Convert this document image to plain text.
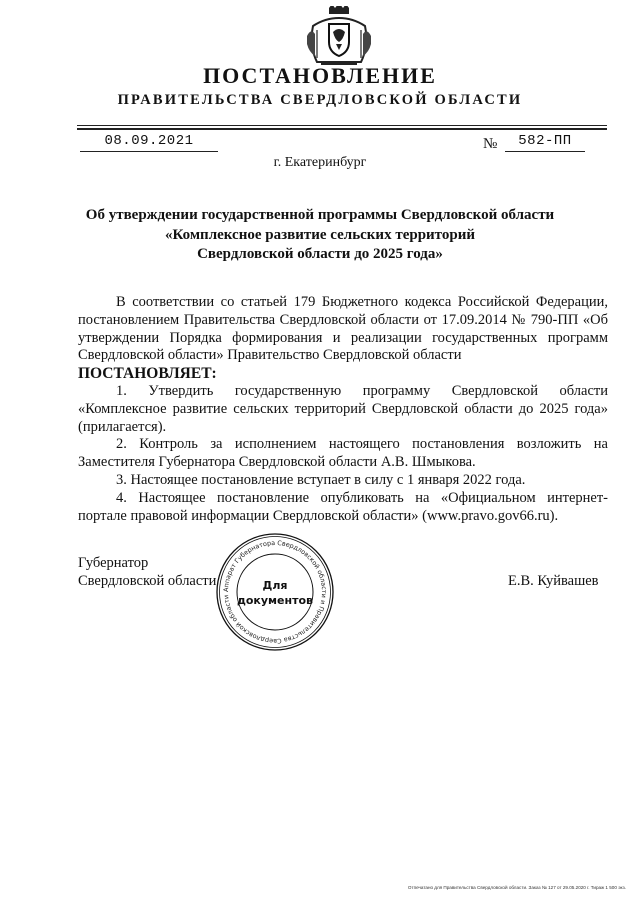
ПОСТАНОВЛЕНИЕ
ПРАВИТЕЛЬСТВА СВЕРДЛОВСКОЙ ОБЛАСТИ
08.09.2021	№	582-ПП
г. Екатеринбург
Об утверждении государственной программы Свердловской области
«Комплексное развитие сельских территорий
Свердловской области до 2025 года»
В соответствии со статьей 179 Бюджетного кодекса Российской Федерации, постановлением Правительства Свердловской области от 17.09.2014 № 790-ПП «Об утверждении Порядка формирования и реализации государственных программ Свердловской области» Правительство Свердловской области
ПОСТАНОВЛЯЕТ:
1. Утвердить государственную программу Свердловской области «Комплексное развитие сельских территорий Свердловской области до 2025 года» (прилагается).
2. Контроль за исполнением настоящего постановления возложить на Заместителя Губернатора Свердловской области А.В. Шмыкова.
3. Настоящее постановление вступает в силу с 1 января 2022 года.
4. Настоящее постановление опубликовать на «Официальном интернет-портале правовой информации Свердловской области» (www.pravo.gov66.ru).
Губернатор
Свердловской области	Е.В. Куйвашев
Аппарат Губернатора Свердловской области и Правительства Свердловской области
Для
документов
Отпечатано для Правительства Свердловской области. Заказ № 127 от 29.05.2020 г. Тираж 1 500 экз.
